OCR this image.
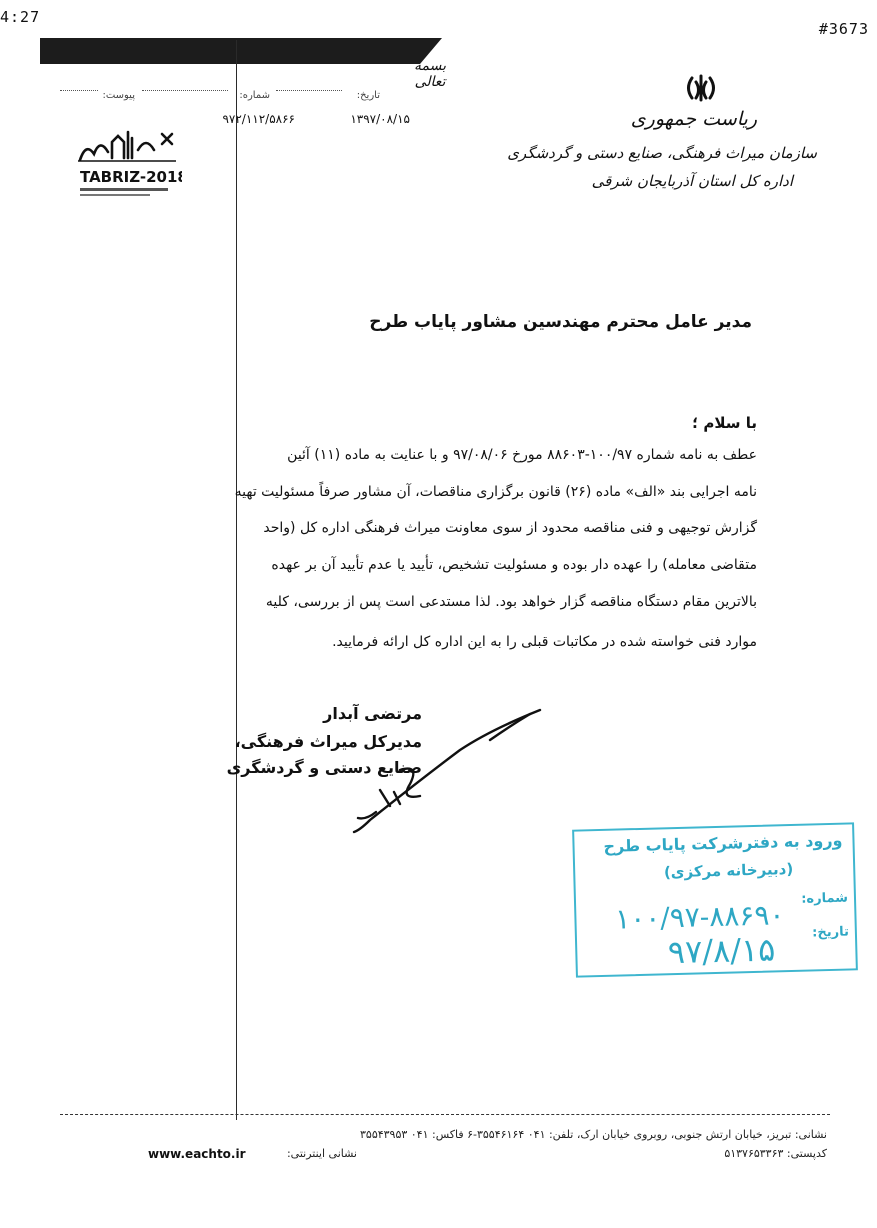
4:27
#3673
بسمه تعالی
تاریخ:
شماره:
پیوست:
۱۳۹۷/۰۸/۱۵
۹۷۲/۱۱۲/۵۸۶۶
TABRIZ-2018
ریاست جمهوری
سازمان میراث فرهنگی، صنایع دستی و گردشگری
اداره کل استان آذربایجان شرقی
مدیر عامل محترم مهندسین مشاور پایاب طرح
با سلام ؛
عطف به نامه شماره ۱۰۰/۹۷-۸۸۶۰۳ مورخ ۹۷/۰۸/۰۶ و با عنایت به ماده (۱۱) آئین
نامه اجرایی بند «الف» ماده (۲۶) قانون برگزاری مناقصات، آن مشاور صرفاً مسئولیت تهیه
گزارش توجیهی و فنی مناقصه محدود از سوی معاونت میراث فرهنگی اداره کل (واحد
متقاضی معامله) را عهده دار بوده و مسئولیت تشخیص، تأیید یا عدم تأیید آن بر عهده
بالاترین مقام دستگاه مناقصه گزار خواهد بود. لذا مستدعی است پس از بررسی، کلیه
موارد فنی خواسته شده در مکاتبات قبلی را به این اداره کل ارائه فرمایید.
مرتضی آبدار
مدیرکل میراث فرهنگی،
صنایع دستی و گردشگری
ورود به دفترشرکت پایاب طرح
(دبیرخانه مرکزی)
شماره:
تاریخ:
۱۰۰/۹۷-۸۸۶۹۰
۹۷/۸/۱۵
نشانی: تبریز، خیابان ارتش جنوبی، روبروی خیابان ارک، تلفن: ۰۴۱ ۳۵۵۴۶۱۶۴-۶ فاکس: ۰۴۱ ۳۵۵۴۳۹۵۳
کدپستی: ۵۱۳۷۶۵۳۳۶۳
نشانی اینترنتی:
www.eachto.ir
